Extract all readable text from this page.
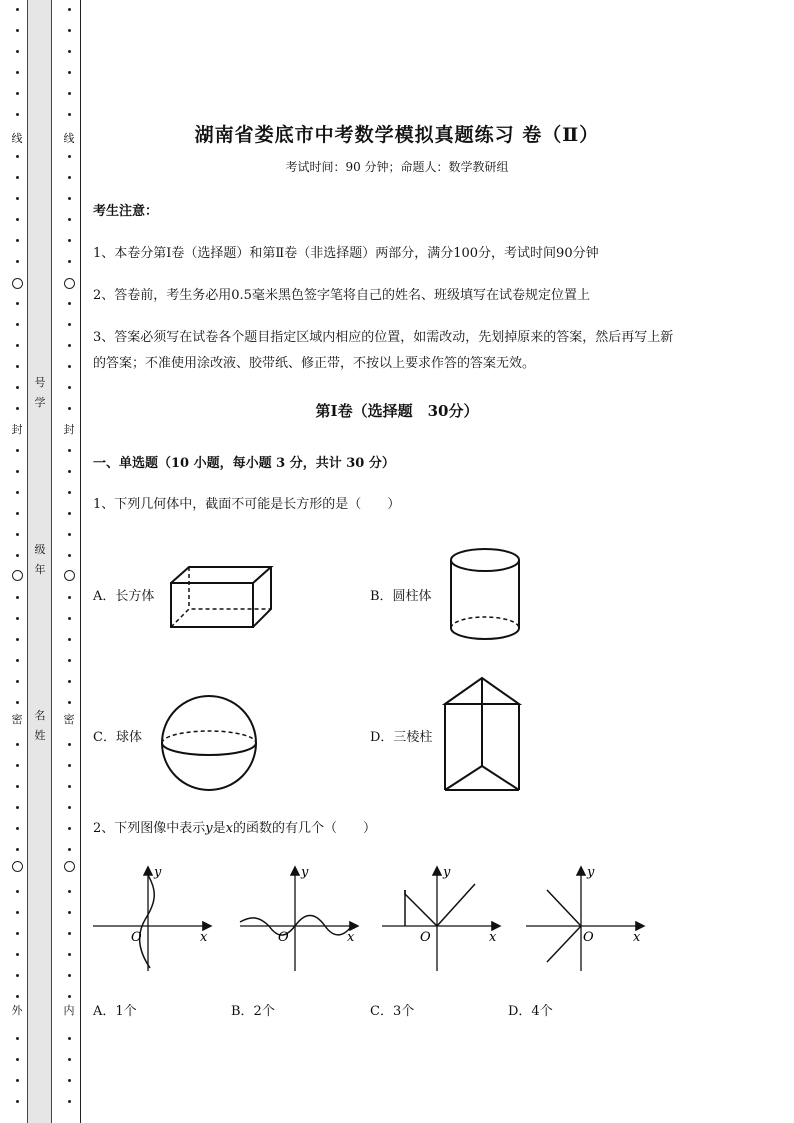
线
封
密
外
线
封
密
内
号
学
级
年
名
姓
湖南省娄底市中考数学模拟真题练习 卷（Ⅱ）
考试时间：90 分钟；命题人：数学教研组
考生注意：
1、本卷分第Ⅰ卷（选择题）和第Ⅱ卷（非选择题）两部分，满分100分，考试时间90分钟
2、答卷前，考生务必用0.5毫米黑色签字笔将自己的姓名、班级填写在试卷规定位置上
3、答案必须写在试卷各个题目指定区域内相应的位置，如需改动，先划掉原来的答案，然后再写上新
的答案；不准使用涂改液、胶带纸、修正带，不按以上要求作答的答案无效。
第Ⅰ卷（选择题　30分）
一、单选题（10 小题，每小题 3 分，共计 30 分）
1、下列几何体中，截面不可能是长方形的是（　　）
A．长方体	B．圆柱体
C．球体	D．三棱柱
2、下列图像中表示y是x的函数的有几个（　　）
y
x
O
y
x
O
y
x
O
y
x
O
A．1个	B．2个	C．3个	D．4个
